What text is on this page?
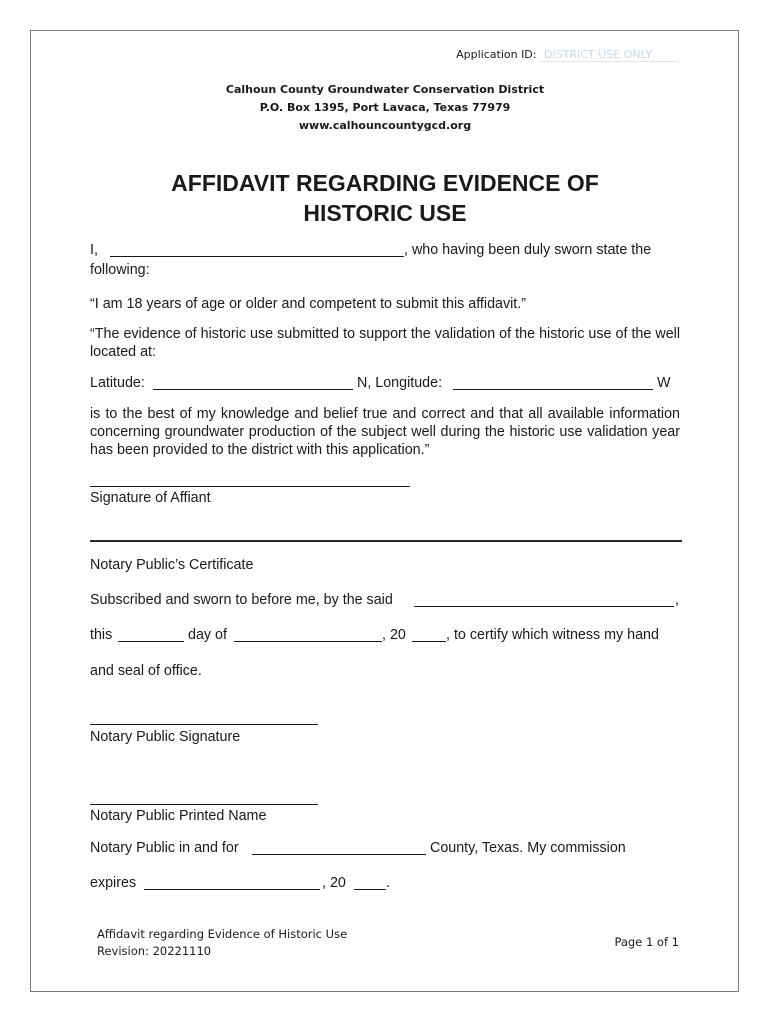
Application ID: DISTRICT USE ONLY
Calhoun County Groundwater Conservation District
P.O. Box 1395, Port Lavaca, Texas 77979
www.calhouncountygcd.org
AFFIDAVIT REGARDING EVIDENCE OF
HISTORIC USE
I,	, who having been duly sworn state the
following:
“I am 18 years of age or older and competent to submit this affidavit.”
“The evidence of historic use submitted to support the validation of the historic use of the well located at:
Latitude:	N, Longitude:	W
is to the best of my knowledge and belief true and correct and that all available information concerning groundwater production of the subject well during the historic use validation year has been provided to the district with this application.”
Signature of Affiant
Notary Public’s Certificate
Subscribed and sworn to before me, by the said	,
this	day of	, 20	, to certify which witness my hand
and seal of office.
Notary Public Signature
Notary Public Printed Name
Notary Public in and for	County, Texas. My commission
expires	, 20	.
Affidavit regarding Evidence of Historic Use
Revision: 20221110
Page 1 of 1
